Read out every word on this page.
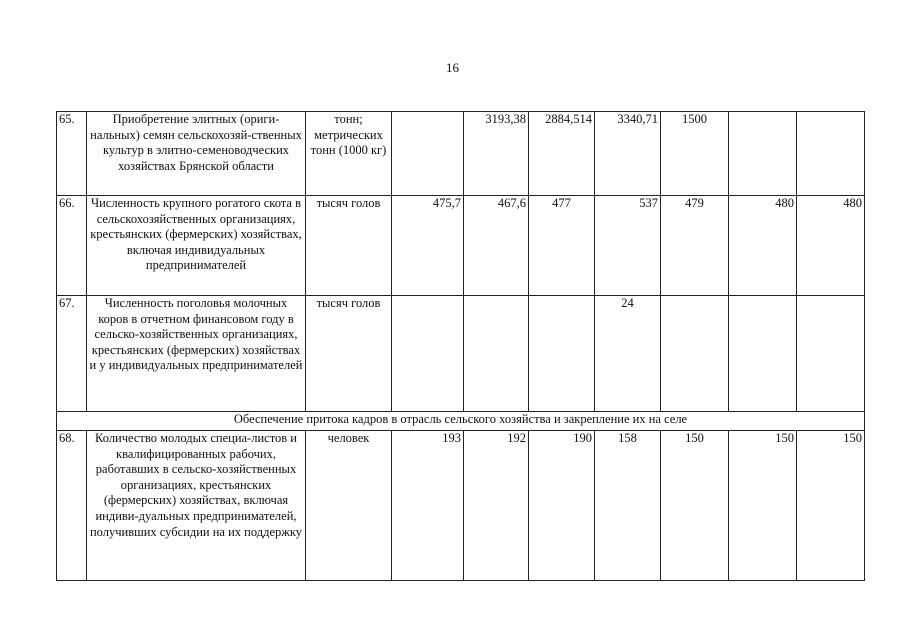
16
65.	Приобретение элитных (ориги-нальных) семян сельскохозяй-ственных культур в элитно-семеноводческих хозяйствах Брянской области	тонн; метрических тонн (1000 кг)		3193,38	2884,514	3340,71	1500		
66.	Численность крупного рогатого скота в сельскохозяйственных организациях, крестьянских (фермерских) хозяйствах, включая индивидуальных предпринимателей	тысяч голов	475,7	467,6	477	537	479	480	480
67.	Численность поголовья молочных коров в отчетном финансовом году в сельско-хозяйственных организациях, крестьянских (фермерских) хозяйствах и у индивидуальных предпринимателей	тысяч голов				24			
Обеспечение притока кадров в отрасль сельского хозяйства и закрепление их на селе									
68.	Количество молодых специа-листов и квалифицированных рабочих, работавших в сельско-хозяйственных организациях, крестьянских (фермерских) хозяйствах, включая индиви-дуальных предпринимателей, получивших субсидии на их поддержку	человек	193	192	190	158	150	150	150
